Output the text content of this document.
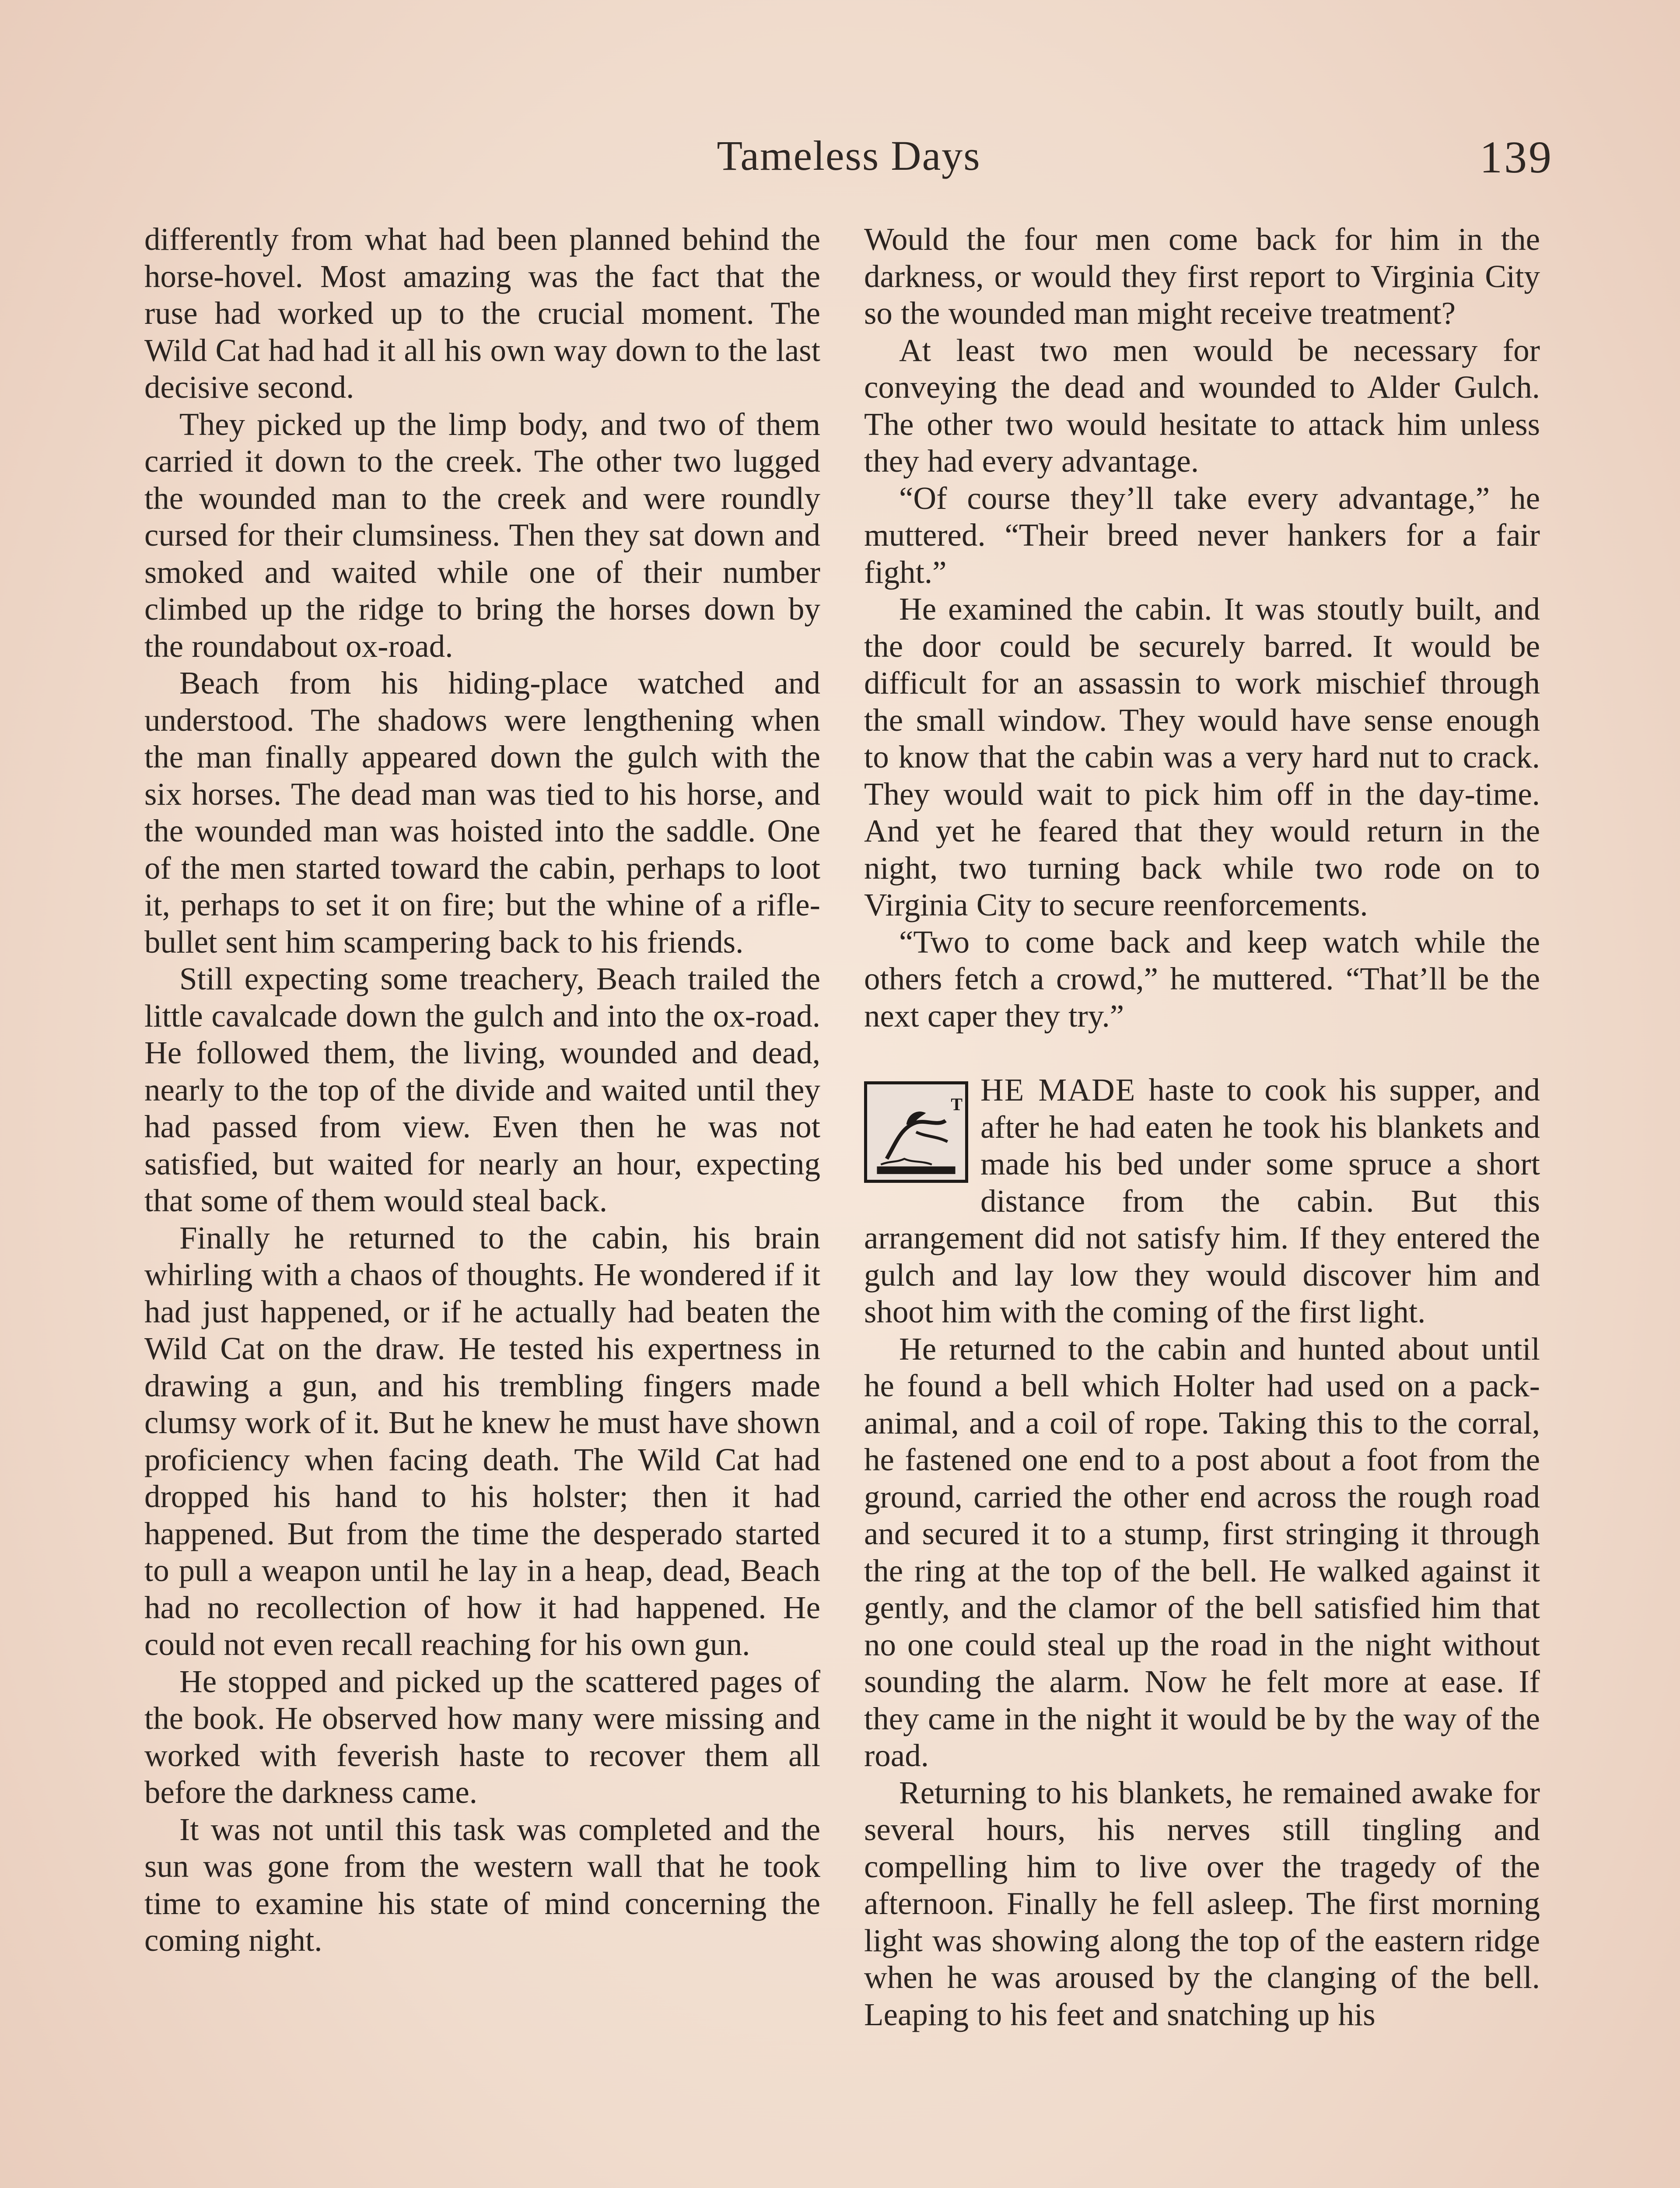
Tameless Days	139

differently from what had been planned behind the horse-hovel. Most amazing was the fact that the ruse had worked up to the crucial moment. The Wild Cat had had it all his own way down to the last decisive second.

They picked up the limp body, and two of them carried it down to the creek. The other two lugged the wounded man to the creek and were roundly cursed for their clumsiness. Then they sat down and smoked and waited while one of their number climbed up the ridge to bring the horses down by the roundabout ox-road.

Beach from his hiding-place watched and understood. The shadows were lengthening when the man finally appeared down the gulch with the six horses. The dead man was tied to his horse, and the wounded man was hoisted into the saddle. One of the men started toward the cabin, perhaps to loot it, perhaps to set it on fire; but the whine of a rifle-bullet sent him scampering back to his friends.

Still expecting some treachery, Beach trailed the little cavalcade down the gulch and into the ox-road. He followed them, the living, wounded and dead, nearly to the top of the divide and waited until they had passed from view. Even then he was not satisfied, but waited for nearly an hour, expecting that some of them would steal back.

Finally he returned to the cabin, his brain whirling with a chaos of thoughts. He wondered if it had just happened, or if he actually had beaten the Wild Cat on the draw. He tested his expertness in drawing a gun, and his trembling fingers made clumsy work of it. But he knew he must have shown proficiency when facing death. The Wild Cat had dropped his hand to his holster; then it had happened. But from the time the desperado started to pull a weapon until he lay in a heap, dead, Beach had no recollection of how it had happened. He could not even recall reaching for his own gun.

He stopped and picked up the scattered pages of the book. He observed how many were missing and worked with feverish haste to recover them all before the darkness came.

It was not until this task was completed and the sun was gone from the western wall that he took time to examine his state of mind concerning the coming night.

Would the four men come back for him in the darkness, or would they first report to Virginia City so the wounded man might receive treatment?

At least two men would be necessary for conveying the dead and wounded to Alder Gulch. The other two would hesitate to attack him unless they had every advantage.

“Of course they’ll take every advantage,” he muttered. “Their breed never hankers for a fair fight.”

He examined the cabin. It was stoutly built, and the door could be securely barred. It would be difficult for an assassin to work mischief through the small window. They would have sense enough to know that the cabin was a very hard nut to crack. They would wait to pick him off in the day-time. And yet he feared that they would return in the night, two turning back while two rode on to Virginia City to secure reenforcements.

“Two to come back and keep watch while the others fetch a crowd,” he muttered. “That’ll be the next caper they try.”

T HE MADE haste to cook his supper, and after he had eaten he took his blankets and made his bed under some spruce a short distance from the cabin. But this arrangement did not satisfy him. If they entered the gulch and lay low they would discover him and shoot him with the coming of the first light.

He returned to the cabin and hunted about until he found a bell which Holter had used on a pack-animal, and a coil of rope. Taking this to the corral, he fastened one end to a post about a foot from the ground, carried the other end across the rough road and secured it to a stump, first stringing it through the ring at the top of the bell. He walked against it gently, and the clamor of the bell satisfied him that no one could steal up the road in the night without sounding the alarm. Now he felt more at ease. If they came in the night it would be by the way of the road.

Returning to his blankets, he remained awake for several hours, his nerves still tingling and compelling him to live over the tragedy of the afternoon. Finally he fell asleep. The first morning light was showing along the top of the eastern ridge when he was aroused by the clanging of the bell. Leaping to his feet and snatching up his
